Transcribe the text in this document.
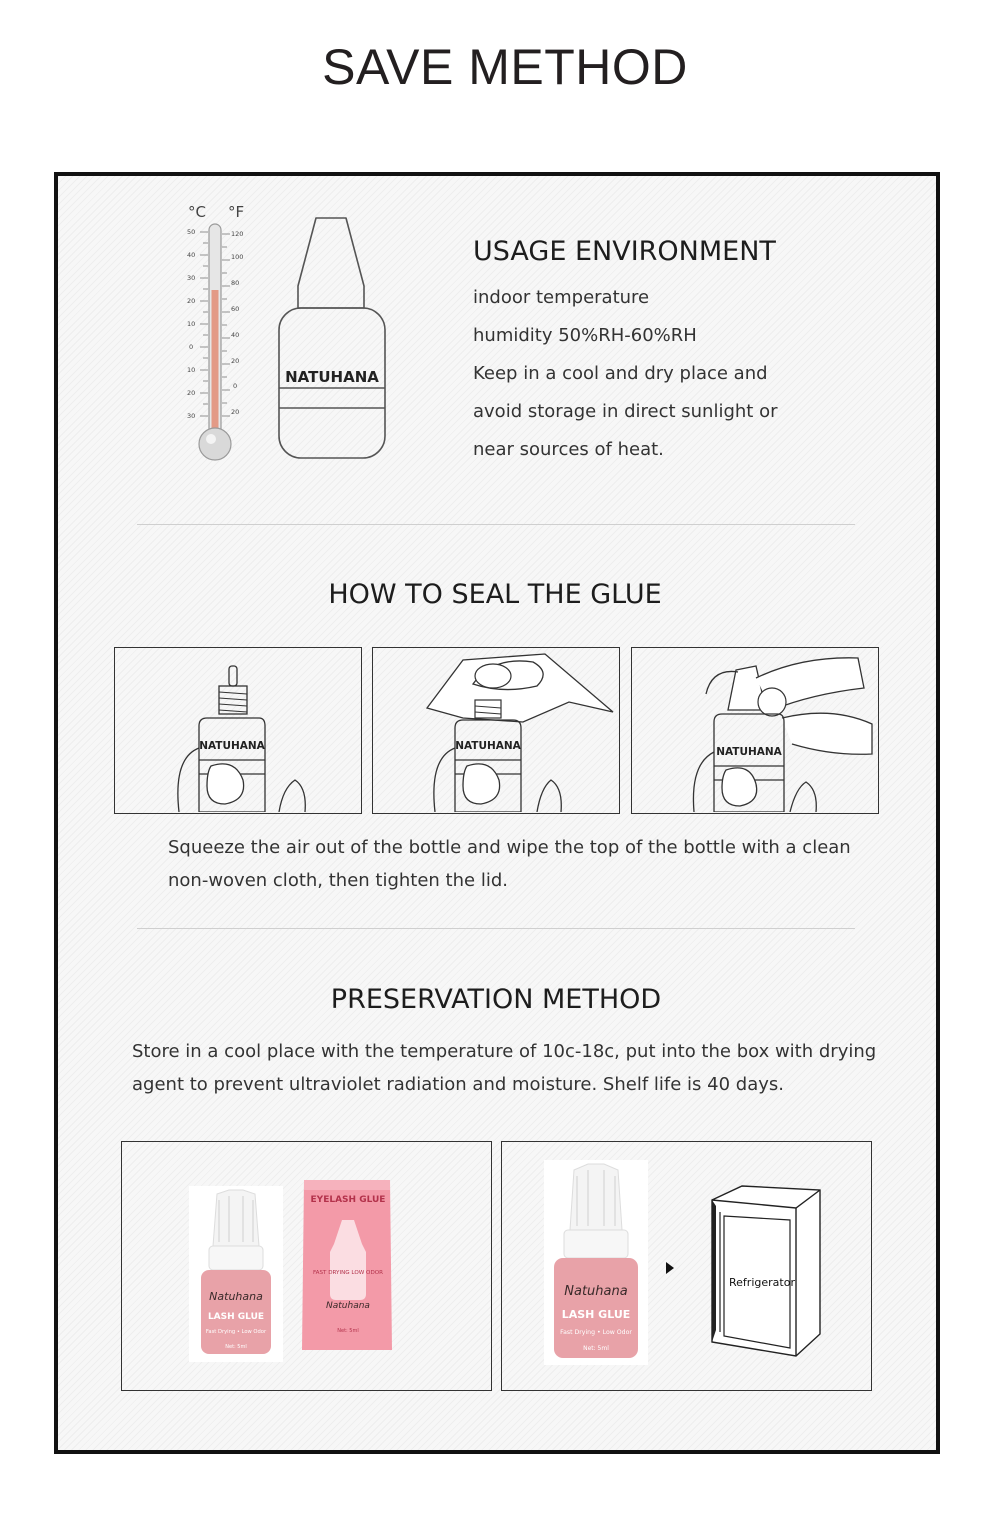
SAVE METHOD
°C °F
50
40
30
20
10
0
10
20
30
120
100
80
60
40
20
0
20
NATUHANA
USAGE ENVIRONMENT
indoor temperature
humidity 50%RH-60%RH
Keep in a cool and dry place and
avoid storage in direct sunlight or
near sources of heat.
HOW TO SEAL THE GLUE
NATUHANA	NATUHANA	NATUHANA
Squeeze the air out of the bottle and wipe the top of the bottle with a clean
non-woven cloth, then tighten the lid.
PRESERVATION METHOD
Store in a cool place with the temperature of 10c-18c, put into the box with drying
agent to prevent ultraviolet radiation and moisture. Shelf life is 40 days.
Natuhana
LASH GLUE
Fast Drying • Low Odor
Net: 5ml
EYELASH GLUE
FAST DRYING LOW ODOR
Natuhana
Net: 5ml
Natuhana
LASH GLUE
Fast Drying • Low Odor
Net: 5ml
Refrigerator
